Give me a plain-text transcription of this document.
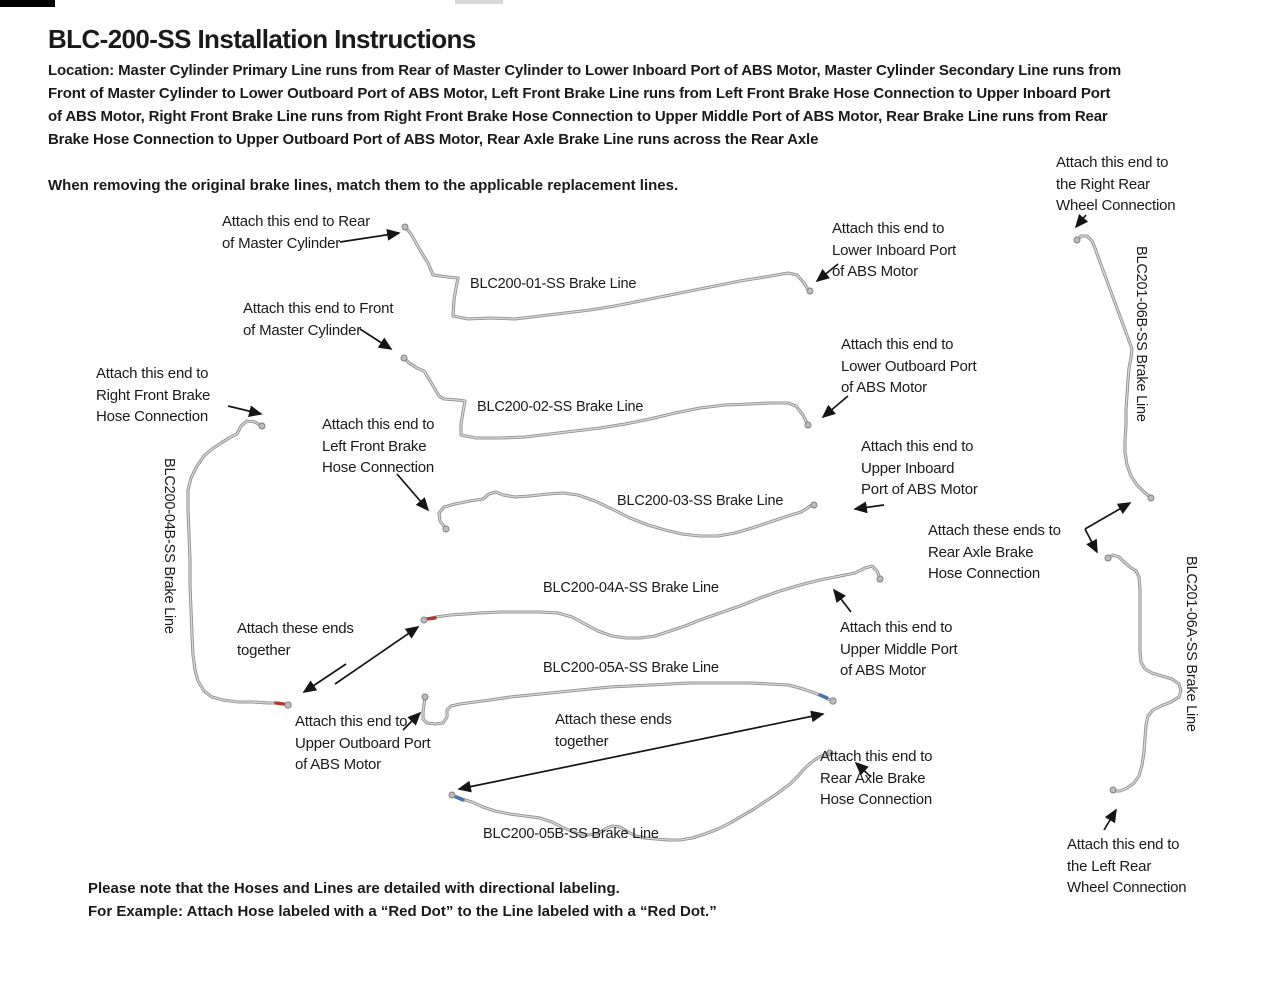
BLC-200-SS Installation Instructions
Location: Master Cylinder Primary Line runs from Rear of Master Cylinder to Lower Inboard Port of ABS Motor, Master Cylinder Secondary Line runs from
Front of Master Cylinder to Lower Outboard Port of ABS Motor, Left Front Brake Line runs from Left Front Brake Hose Connection to Upper Inboard Port
of ABS Motor, Right Front Brake Line runs from Right Front Brake Hose Connection to Upper Middle Port of ABS Motor, Rear Brake Line runs from Rear
Brake Hose Connection to Upper Outboard Port of ABS Motor, Rear Axle Brake Line runs across the Rear Axle
When removing the original brake lines, match them to the applicable replacement lines.
BLC200-01-SS Brake Line
BLC200-02-SS Brake Line
BLC200-03-SS Brake Line
BLC200-04A-SS Brake Line
BLC200-05A-SS Brake Line
BLC200-05B-SS Brake Line
BLC200-04B-SS Brake Line
BLC201-06B-SS Brake Line
BLC201-06A-SS Brake Line
Attach this end to Rear
of Master Cylinder
Attach this end to Front
of Master Cylinder
Attach this end to
Right Front Brake
Hose Connection	Attach this end to
Left Front Brake
Hose Connection
Attach this end to
Lower Inboard Port
of ABS Motor
Attach this end to
Lower Outboard Port
of ABS Motor
Attach this end to
Upper Inboard
Port of ABS Motor
Attach these ends to
Rear Axle Brake
Hose Connection
Attach this end to
Upper Middle Port
of ABS Motor
Attach these ends
together
Attach this end to
Upper Outboard Port
of ABS Motor
Attach these ends
together
Attach this end to
Rear Axle Brake
Hose Connection
Attach this end to
the Right Rear
Wheel Connection
Attach this end to
the Left Rear
Wheel Connection
Please note that the Hoses and Lines are detailed with directional labeling.
For Example: Attach Hose labeled with a “Red Dot” to the Line labeled with a “Red Dot.”
